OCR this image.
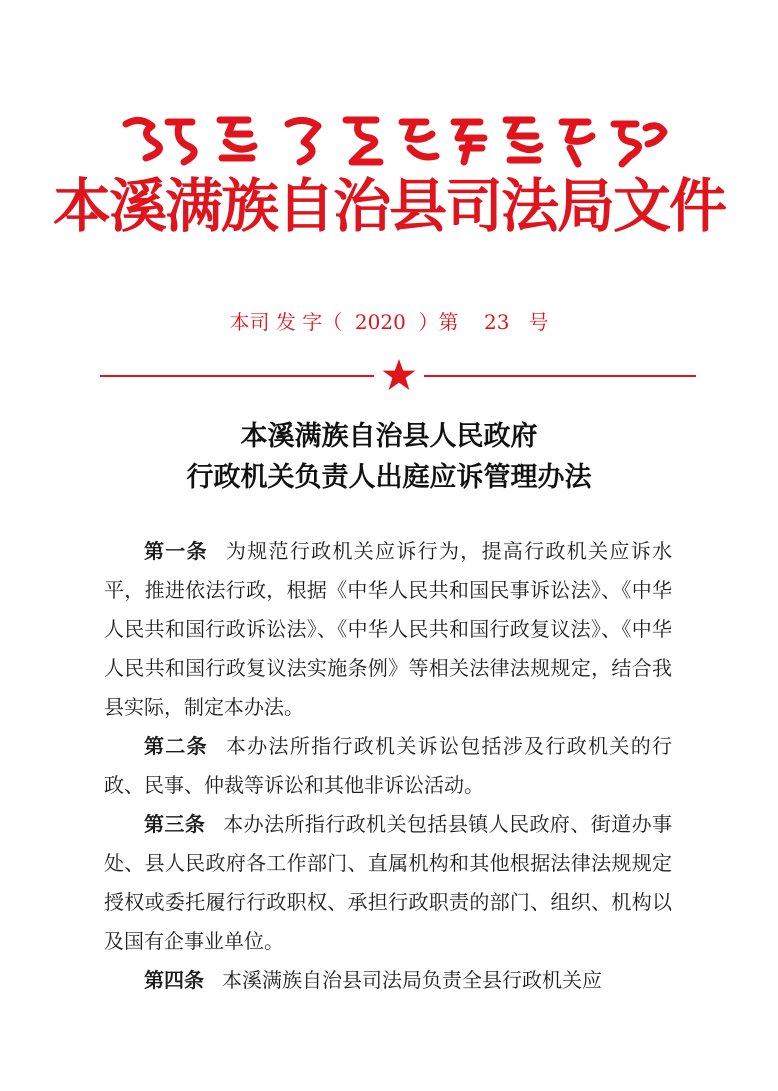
本溪满族自治县司法局文件
本司 发 字（  2020  ）第    23   号
本溪满族自治县人民政府
行政机关负责人出庭应诉管理办法

第一条 为规范行政机关应诉行为，提高行政机关应诉水平，推进依法行政，根据《中华人民共和国民事诉讼法》、《中华人民共和国行政诉讼法》、《中华人民共和国行政复议法》、《中华人民共和国行政复议法实施条例》等相关法律法规规定，结合我县实际，制定本办法。

第二条 本办法所指行政机关诉讼包括涉及行政机关的行政、民事、仲裁等诉讼和其他非诉讼活动。

第三条 本办法所指行政机关包括县镇人民政府、街道办事处、县人民政府各工作部门、直属机构和其他根据法律法规规定授权或委托履行行政职权、承担行政职责的部门、组织、机构以及国有企事业单位。

第四条 本溪满族自治县司法局负责全县行政机关应
